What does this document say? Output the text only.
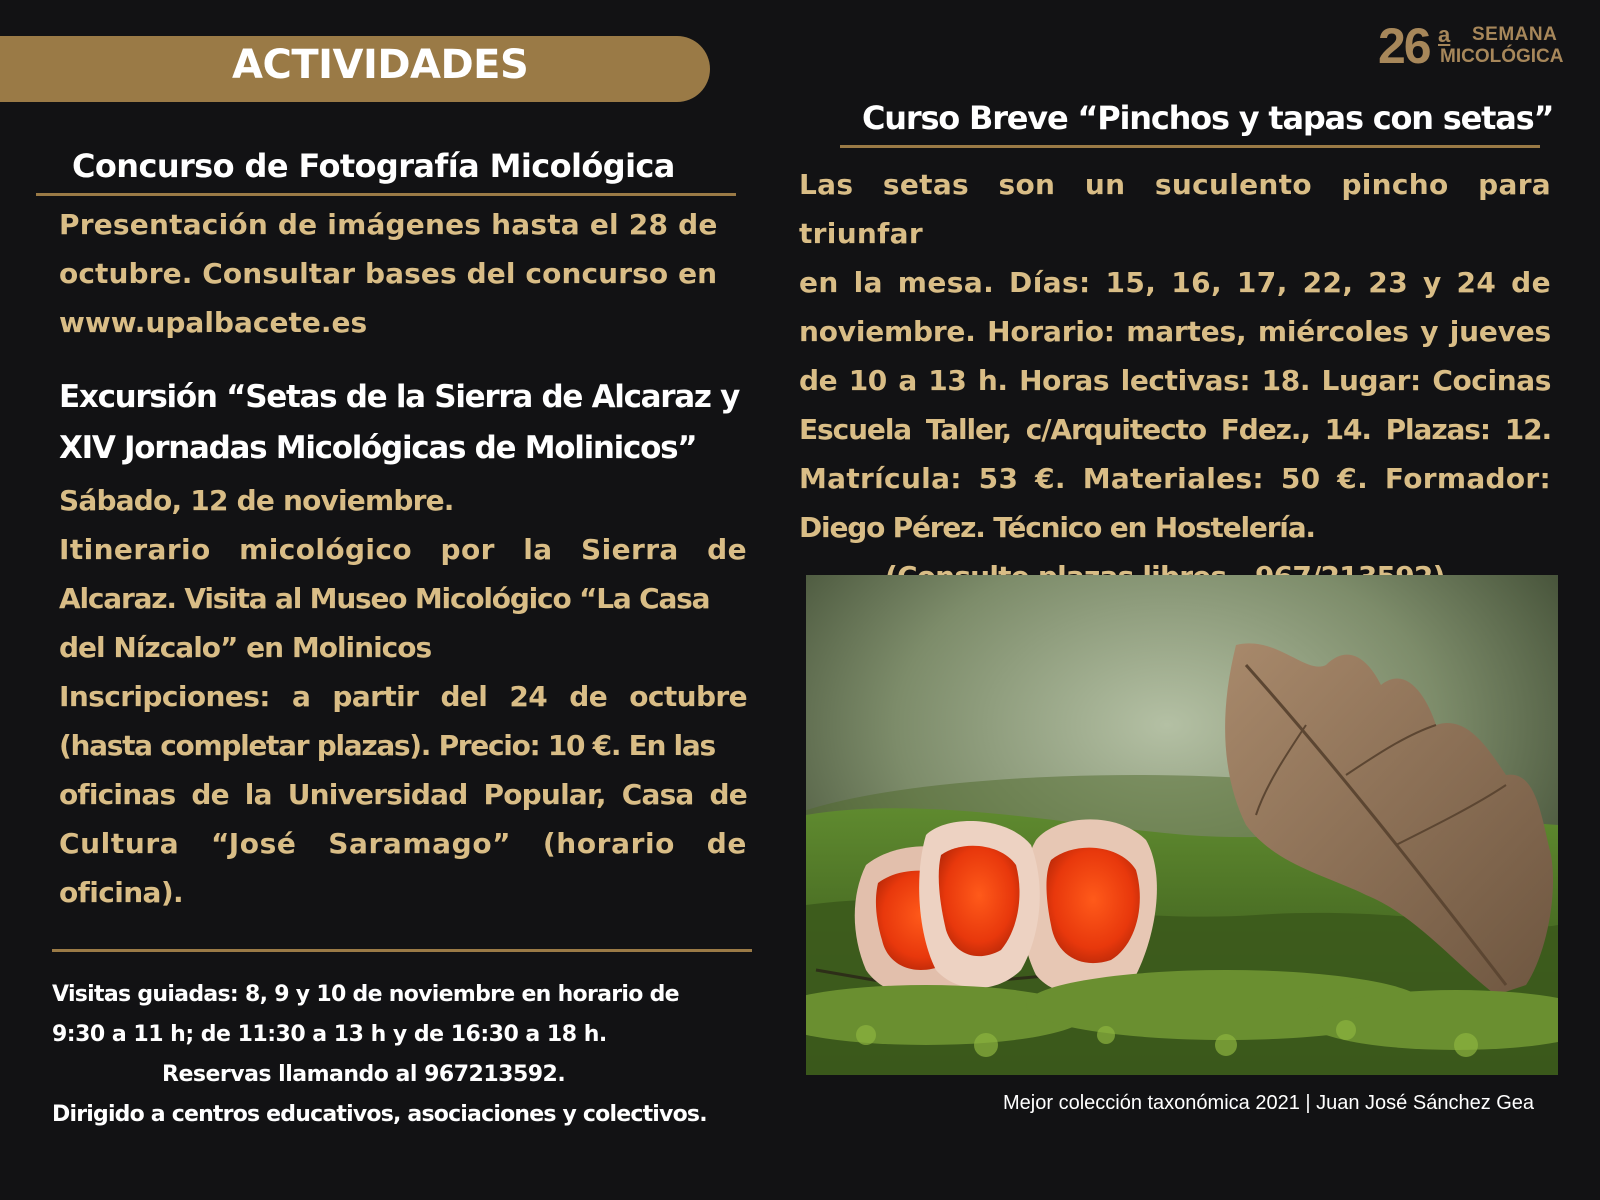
ACTIVIDADES	26 a SEMANA
MICOLÓGICA
Concurso de Fotografía Micológica
Presentación de imágenes hasta el 28 de
octubre. Consultar bases del concurso en
www.upalbacete.es
Excursión “Setas de la Sierra de Alcaraz y
XIV Jornadas Micológicas de Molinicos”
Sábado, 12 de noviembre.
Itinerario micológico por la Sierra de
Alcaraz. Visita al Museo Micológico “La Casa
del Nízcalo” en Molinicos
Inscripciones: a partir del 24 de octubre
(hasta completar plazas). Precio: 10 €. En las
oficinas de la Universidad Popular, Casa de
Cultura “José Saramago” (horario de
oficina).
Visitas guiadas: 8, 9 y 10 de noviembre en horario de
9:30 a 11 h; de 11:30 a 13 h y de 16:30 a 18 h.
Reservas llamando al 967213592.
Dirigido a centros educativos, asociaciones y colectivos.
Curso Breve “Pinchos y tapas con setas”
Las setas son un suculento pincho para triunfar
en la mesa. Días: 15, 16, 17, 22, 23 y 24 de
noviembre. Horario: martes, miércoles y jueves
de 10 a 13 h. Horas lectivas: 18. Lugar: Cocinas
Escuela Taller, c/Arquitecto Fdez., 14. Plazas: 12.
Matrícula: 53 €. Materiales: 50 €. Formador:
Diego Pérez. Técnico en Hostelería.
Mejor colección taxonómica 2021 | Juan José Sánchez Gea
